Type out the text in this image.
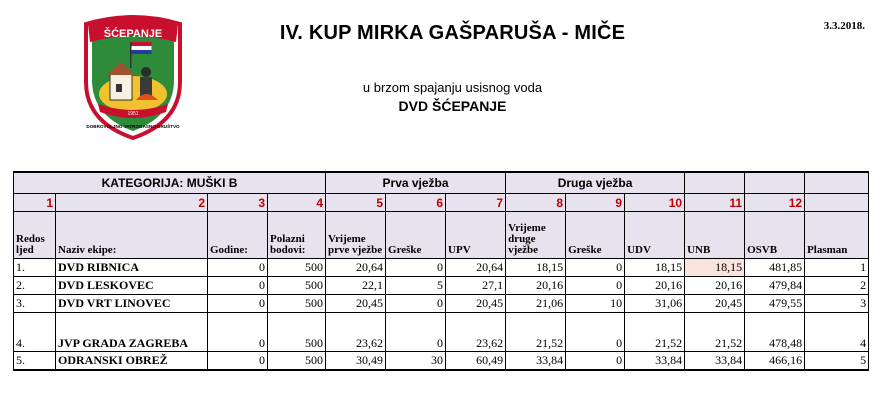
ŠĆEPANJE
1951
DOBROVOLJNO VATROGASNO DRUŠTVO
IV. KUP MIRKA GAŠPARUŠA - MIČE	3.3.2018.
u brzom spajanju usisnog voda
DVD ŠĆEPANJE
KATEGORIJA: MUŠKI B				Prva vježba			Druga vježba					
1	2	3	4	5	6	7	8	9	10	11	12	
Redos ljed	Naziv ekipe:	Godine:	Polazni bodovi:	Vrijeme prve vježbe	Greške	UPV	Vrijeme druge vježbe	Greške	UDV	UNB	OSVB	Plasman
1.	DVD RIBNICA	0	500	20,64	0	20,64	18,15	0	18,15	18,15	481,85	1
2.	DVD LESKOVEC	0	500	22,1	5	27,1	20,16	0	20,16	20,16	479,84	2
3.	DVD VRT LINOVEC	0	500	20,45	0	20,45	21,06	10	31,06	20,45	479,55	3
4.	JVP GRADA ZAGREBA	0	500	23,62	0	23,62	21,52	0	21,52	21,52	478,48	4
5.	ODRANSKI OBREŽ	0	500	30,49	30	60,49	33,84	0	33,84	33,84	466,16	5
